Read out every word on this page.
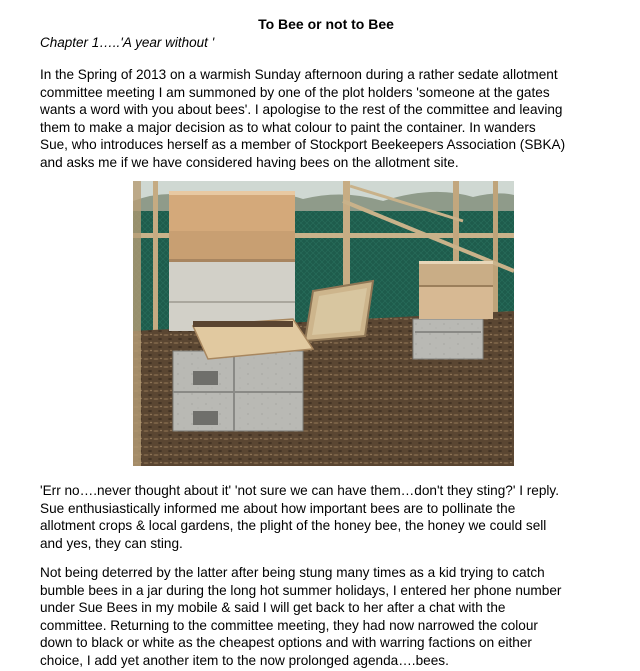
To Bee or not to Bee
Chapter 1…..'A year without '
In the Spring of 2013 on a warmish Sunday afternoon during a rather sedate allotment
committee meeting I am summoned by one of the plot holders 'someone at the gates
wants a word with you about bees'. I apologise to the rest of the committee and leaving
them to make a major decision as to what colour to paint the container. In wanders
Sue, who introduces herself as a member of Stockport Beekeepers Association (SBKA)
and asks me if we have considered having bees on the allotment site.
'Err no….never thought about it' 'not sure we can have them…don't they sting?' I reply.
Sue enthusiastically informed me about how important bees are to pollinate the
allotment crops & local gardens, the plight of the honey bee, the honey we could sell
and yes, they can sting.
Not being deterred by the latter after being stung many times as a kid trying to catch
bumble bees in a jar during the long hot summer holidays, I entered her phone number
under Sue Bees in my mobile & said I will get back to her after a chat with the
committee. Returning to the committee meeting, they had now narrowed the colour
down to black or white as the cheapest options and with warring factions on either
choice, I add yet another item to the now prolonged agenda….bees.
